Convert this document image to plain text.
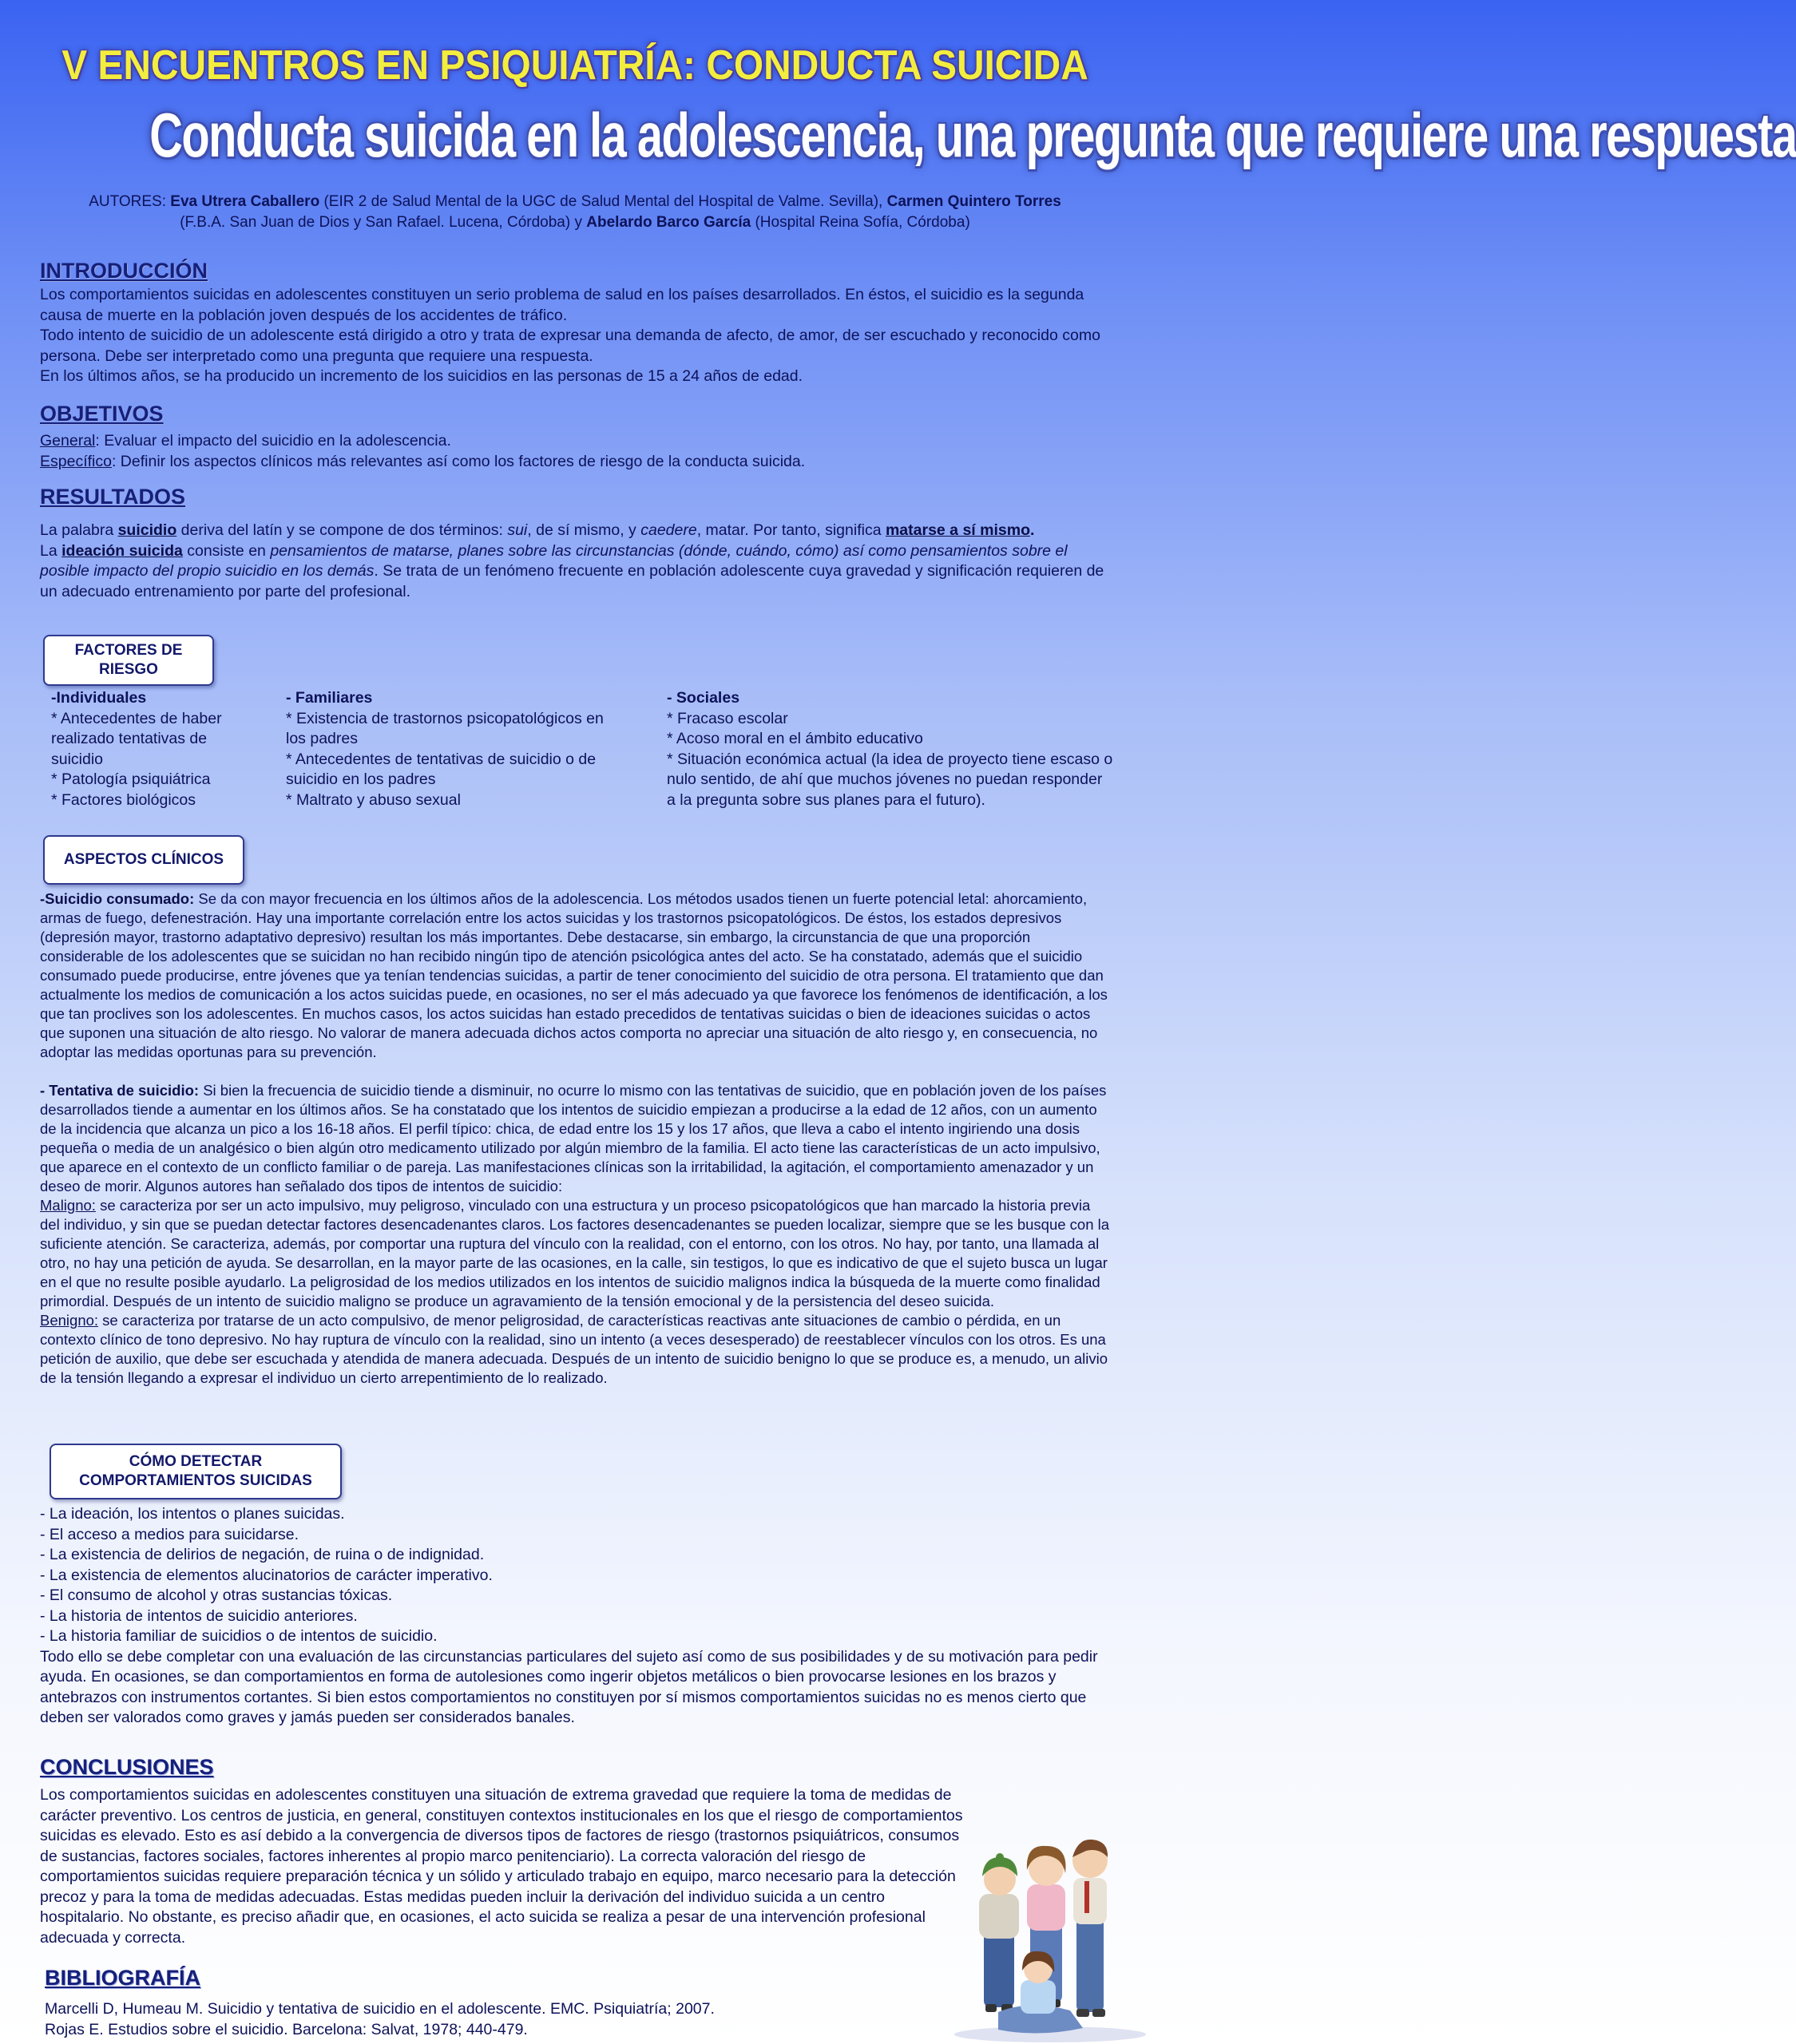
V ENCUENTROS EN PSIQUIATRÍA: CONDUCTA SUICIDA
Conducta suicida en la adolescencia, una pregunta que requiere una respuesta
AUTORES: Eva Utrera Caballero (EIR 2 de Salud Mental de la UGC de Salud Mental del Hospital de Valme. Sevilla), Carmen Quintero Torres (F.B.A. San Juan de Dios y San Rafael. Lucena, Córdoba) y Abelardo Barco García (Hospital Reina Sofía, Córdoba)
INTRODUCCIÓN
Los comportamientos suicidas en adolescentes constituyen un serio problema de salud en los países desarrollados. En éstos, el suicidio es la segunda causa de muerte en la población joven después de los accidentes de tráfico.
Todo intento de suicidio de un adolescente está dirigido a otro y trata de expresar una demanda de afecto, de amor, de ser escuchado y reconocido como persona. Debe ser interpretado como una pregunta que requiere una respuesta.
En los últimos años, se ha producido un incremento de los suicidios en las personas de 15 a 24 años de edad.
OBJETIVOS
General: Evaluar el impacto del suicidio en la adolescencia.
Específico: Definir los aspectos clínicos más relevantes así como los factores de riesgo de la conducta suicida.
RESULTADOS
La palabra suicidio deriva del latín y se compone de dos términos: sui, de sí mismo, y caedere, matar. Por tanto, significa matarse a sí mismo.
La ideación suicida consiste en pensamientos de matarse, planes sobre las circunstancias (dónde, cuándo, cómo) así como pensamientos sobre el posible impacto del propio suicidio en los demás. Se trata de un fenómeno frecuente en población adolescente cuya gravedad y significación requieren de un adecuado entrenamiento por parte del profesional.
FACTORES DE RIESGO
-Individuales
* Antecedentes de haber realizado tentativas de suicidio
* Patología psiquiátrica
* Factores biológicos
- Familiares
* Existencia de trastornos psicopatológicos en los padres
* Antecedentes de tentativas de suicidio o de suicidio en los padres
* Maltrato y abuso sexual
- Sociales
* Fracaso escolar
* Acoso moral en el ámbito educativo
* Situación económica actual (la idea de proyecto tiene escaso o nulo sentido, de ahí que muchos jóvenes no puedan responder a la pregunta sobre sus planes para el futuro).
ASPECTOS CLÍNICOS
-Suicidio consumado: Se da con mayor frecuencia en los últimos años de la adolescencia. Los métodos usados tienen un fuerte potencial letal: ahorcamiento, armas de fuego, defenestración. Hay una importante correlación entre los actos suicidas y los trastornos psicopatológicos. De éstos, los estados depresivos (depresión mayor, trastorno adaptativo depresivo) resultan los más importantes. Debe destacarse, sin embargo, la circunstancia de que una proporción considerable de los adolescentes que se suicidan no han recibido ningún tipo de atención psicológica antes del acto. Se ha constatado, además que el suicidio consumado puede producirse, entre jóvenes que ya tenían tendencias suicidas, a partir de tener conocimiento del suicidio de otra persona. El tratamiento que dan actualmente los medios de comunicación a los actos suicidas puede, en ocasiones, no ser el más adecuado ya que favorece los fenómenos de identificación, a los que tan proclives son los adolescentes. En muchos casos, los actos suicidas han estado precedidos de tentativas suicidas o bien de ideaciones suicidas o actos que suponen una situación de alto riesgo. No valorar de manera adecuada dichos actos comporta no apreciar una situación de alto riesgo y, en consecuencia, no adoptar las medidas oportunas para su prevención.
- Tentativa de suicidio: Si bien la frecuencia de suicidio tiende a disminuir, no ocurre lo mismo con las tentativas de suicidio, que en población joven de los países desarrollados tiende a aumentar en los últimos años. Se ha constatado que los intentos de suicidio empiezan a producirse a la edad de 12 años, con un aumento de la incidencia que alcanza un pico a los 16-18 años. El perfil típico: chica, de edad entre los 15 y los 17 años, que lleva a cabo el intento ingiriendo una dosis pequeña o media de un analgésico o bien algún otro medicamento utilizado por algún miembro de la familia. El acto tiene las características de un acto impulsivo, que aparece en el contexto de un conflicto familiar o de pareja. Las manifestaciones clínicas son la irritabilidad, la agitación, el comportamiento amenazador y un deseo de morir. Algunos autores han señalado dos tipos de intentos de suicidio:
Maligno: se caracteriza por ser un acto impulsivo, muy peligroso, vinculado con una estructura y un proceso psicopatológicos que han marcado la historia previa del individuo, y sin que se puedan detectar factores desencadenantes claros. Los factores desencadenantes se pueden localizar, siempre que se les busque con la suficiente atención. Se caracteriza, además, por comportar una ruptura del vínculo con la realidad, con el entorno, con los otros. No hay, por tanto, una llamada al otro, no hay una petición de ayuda. Se desarrollan, en la mayor parte de las ocasiones, en la calle, sin testigos, lo que es indicativo de que el sujeto busca un lugar en el que no resulte posible ayudarlo. La peligrosidad de los medios utilizados en los intentos de suicidio malignos indica la búsqueda de la muerte como finalidad primordial. Después de un intento de suicidio maligno se produce un agravamiento de la tensión emocional y de la persistencia del deseo suicida.
Benigno: se caracteriza por tratarse de un acto compulsivo, de menor peligrosidad, de características reactivas ante situaciones de cambio o pérdida, en un contexto clínico de tono depresivo. No hay ruptura de vínculo con la realidad, sino un intento (a veces desesperado) de reestablecer vínculos con los otros. Es una petición de auxilio, que debe ser escuchada y atendida de manera adecuada. Después de un intento de suicidio benigno lo que se produce es, a menudo, un alivio de la tensión llegando a expresar el individuo un cierto arrepentimiento de lo realizado.
CÓMO DETECTAR COMPORTAMIENTOS SUICIDAS
- La ideación, los intentos o planes suicidas.
- El acceso a medios para suicidarse.
- La existencia de delirios de negación, de ruina o de indignidad.
- La existencia de elementos alucinatorios de carácter imperativo.
- El consumo de alcohol y otras sustancias tóxicas.
- La historia de intentos de suicidio anteriores.
- La historia familiar de suicidios o de intentos de suicidio.
Todo ello se debe completar con una evaluación de las circunstancias particulares del sujeto así como de sus posibilidades y de su motivación para pedir ayuda. En ocasiones, se dan comportamientos en forma de autolesiones como ingerir objetos metálicos o bien provocarse lesiones en los brazos y antebrazos con instrumentos cortantes. Si bien estos comportamientos no constituyen por sí mismos comportamientos suicidas no es menos cierto que deben ser valorados como graves y jamás pueden ser considerados banales.
CONCLUSIONES
Los comportamientos suicidas en adolescentes constituyen una situación de extrema gravedad que requiere la toma de medidas de carácter preventivo. Los centros de justicia, en general, constituyen contextos institucionales en los que el riesgo de comportamientos suicidas es elevado. Esto es así debido a la convergencia de diversos tipos de factores de riesgo (trastornos psiquiátricos, consumos de sustancias, factores sociales, factores inherentes al propio marco penitenciario). La correcta valoración del riesgo de comportamientos suicidas requiere preparación técnica y un sólido y articulado trabajo en equipo, marco necesario para la detección precoz y para la toma de medidas adecuadas. Estas medidas pueden incluir la derivación del individuo suicida a un centro hospitalario. No obstante, es preciso añadir que, en ocasiones, el acto suicida se realiza a pesar de una intervención profesional adecuada y correcta.
BIBLIOGRAFÍA
Marcelli D, Humeau M. Suicidio y tentativa de suicidio en el adolescente. EMC. Psiquiatría; 2007.
Rojas E. Estudios sobre el suicidio. Barcelona: Salvat, 1978; 440-479.
